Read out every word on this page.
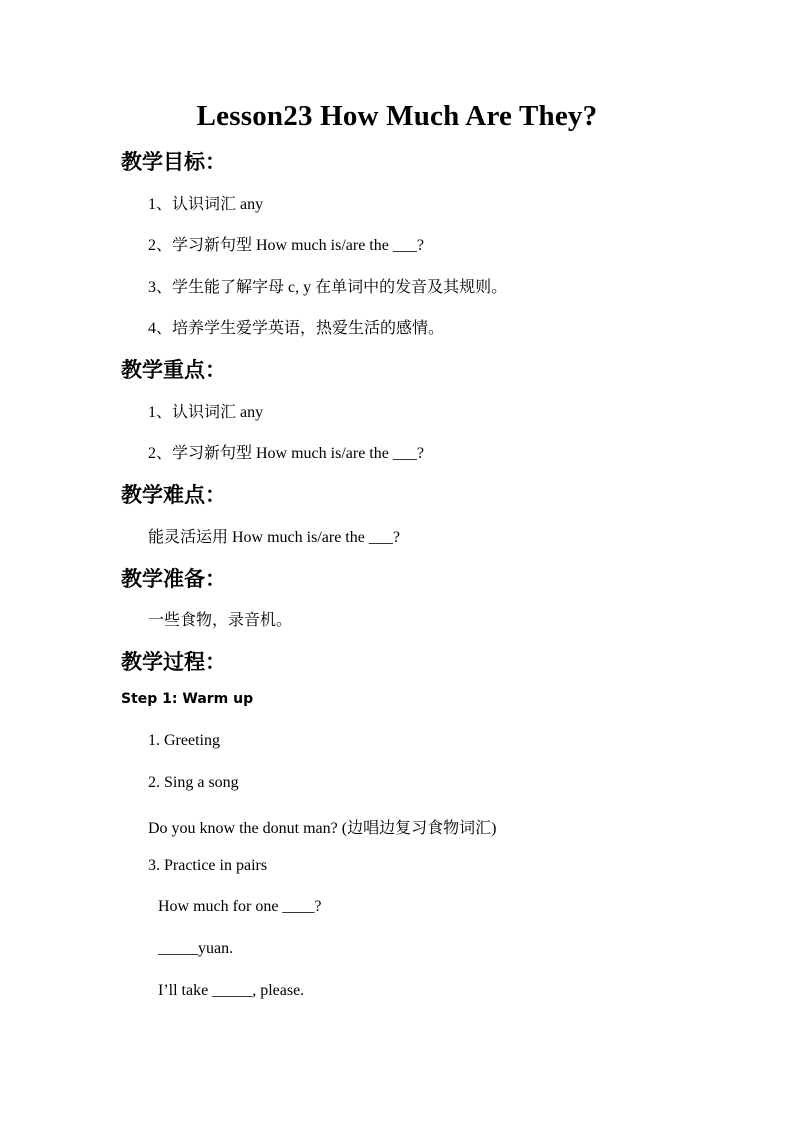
Lesson23 How Much Are They?
教学目标：
1、认识词汇 any
2、学习新句型 How much is/are the ___?
3、学生能了解字母 c, y 在单词中的发音及其规则。
4、培养学生爱学英语，热爱生活的感情。
教学重点：
1、认识词汇 any
2、学习新句型 How much is/are the ___?
教学难点：
能灵活运用 How much is/are the ___?
教学准备：
一些食物，录音机。
教学过程：
Step 1: Warm up
1. Greeting
2. Sing a song
Do you know the donut man? (边唱边复习食物词汇)
3. Practice in pairs
How much for one ____?
_____yuan.
I’ll take _____, please.
